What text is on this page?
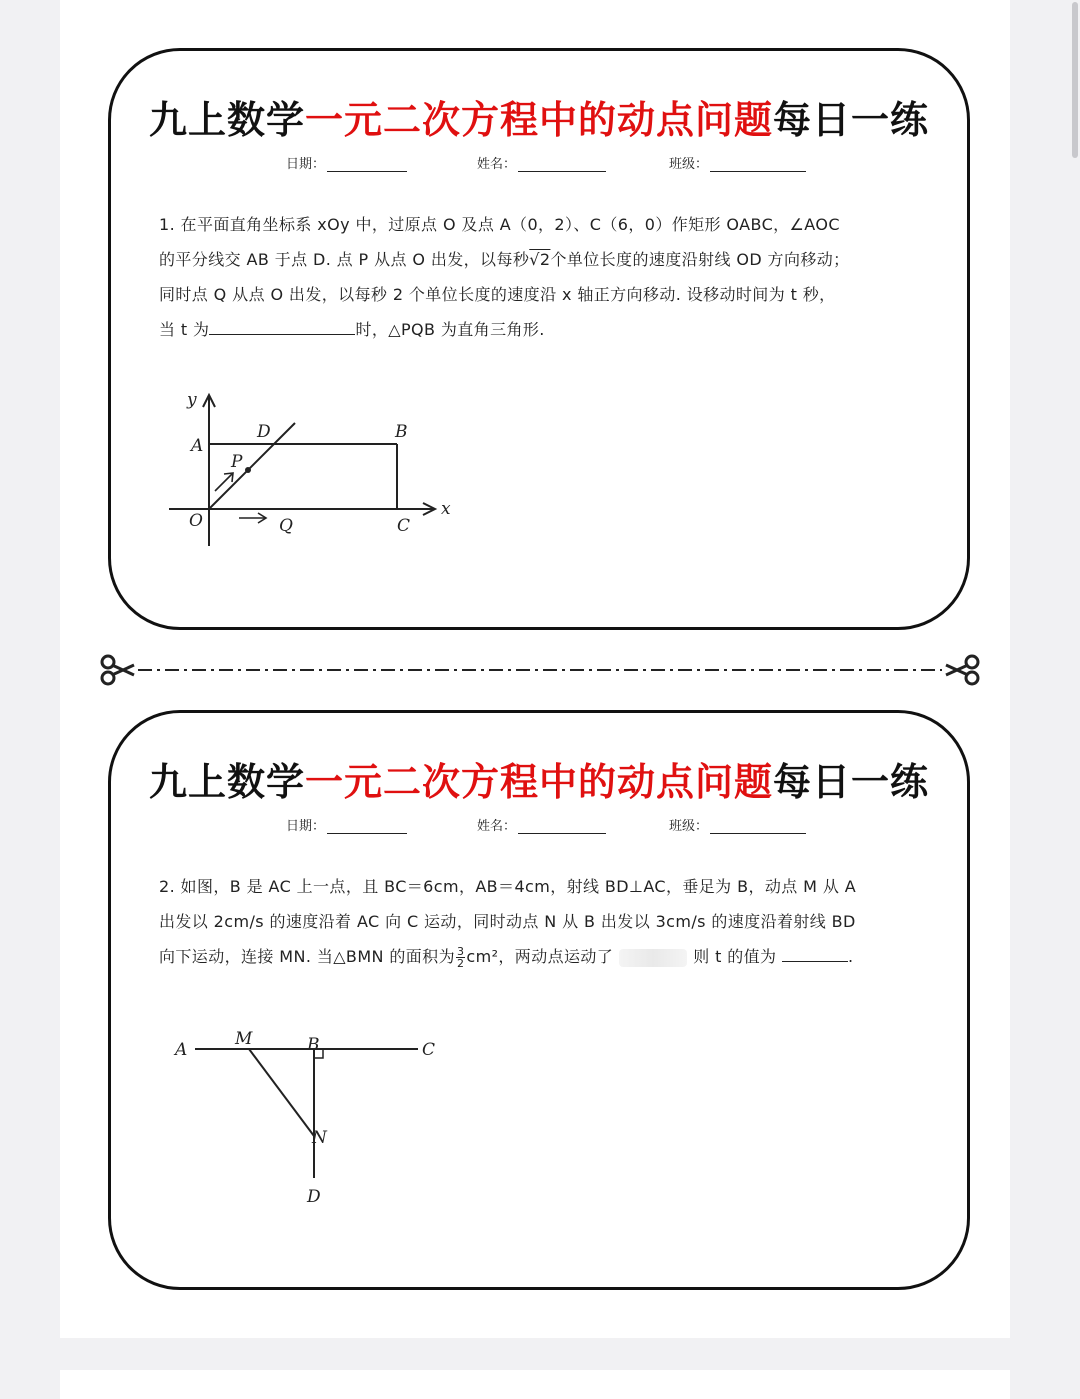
九上数学一元二次方程中的动点问题每日一练
日期：	姓名：	班级：
1. 在平面直角坐标系 xOy 中，过原点 O 及点 A（0，2）、C（6，0）作矩形 OABC，∠AOC
的平分线交 AB 于点 D. 点 P 从点 O 出发，以每秒√2个单位长度的速度沿射线 OD 方向移动；
同时点 Q 从点 O 出发，以每秒 2 个单位长度的速度沿 x 轴正方向移动. 设移动时间为 t 秒，
当 t 为	时，△PQB 为直角三角形.
y
x
A
D	B
P
O	Q	C
九上数学一元二次方程中的动点问题每日一练
日期：	姓名：	班级：
2. 如图，B 是 AC 上一点，且 BC＝6cm，AB＝4cm，射线 BD⊥AC，垂足为 B，动点 M 从 A
出发以 2cm/s 的速度沿着 AC 向 C 运动，同时动点 N 从 B 出发以 3cm/s 的速度沿着射线 BD
向下运动，连接 MN. 当△BMN 的面积为 $\frac{3}{2} cm^2$，两动点运动了	则 t 的值为	.
A
M	B	C
N
D
